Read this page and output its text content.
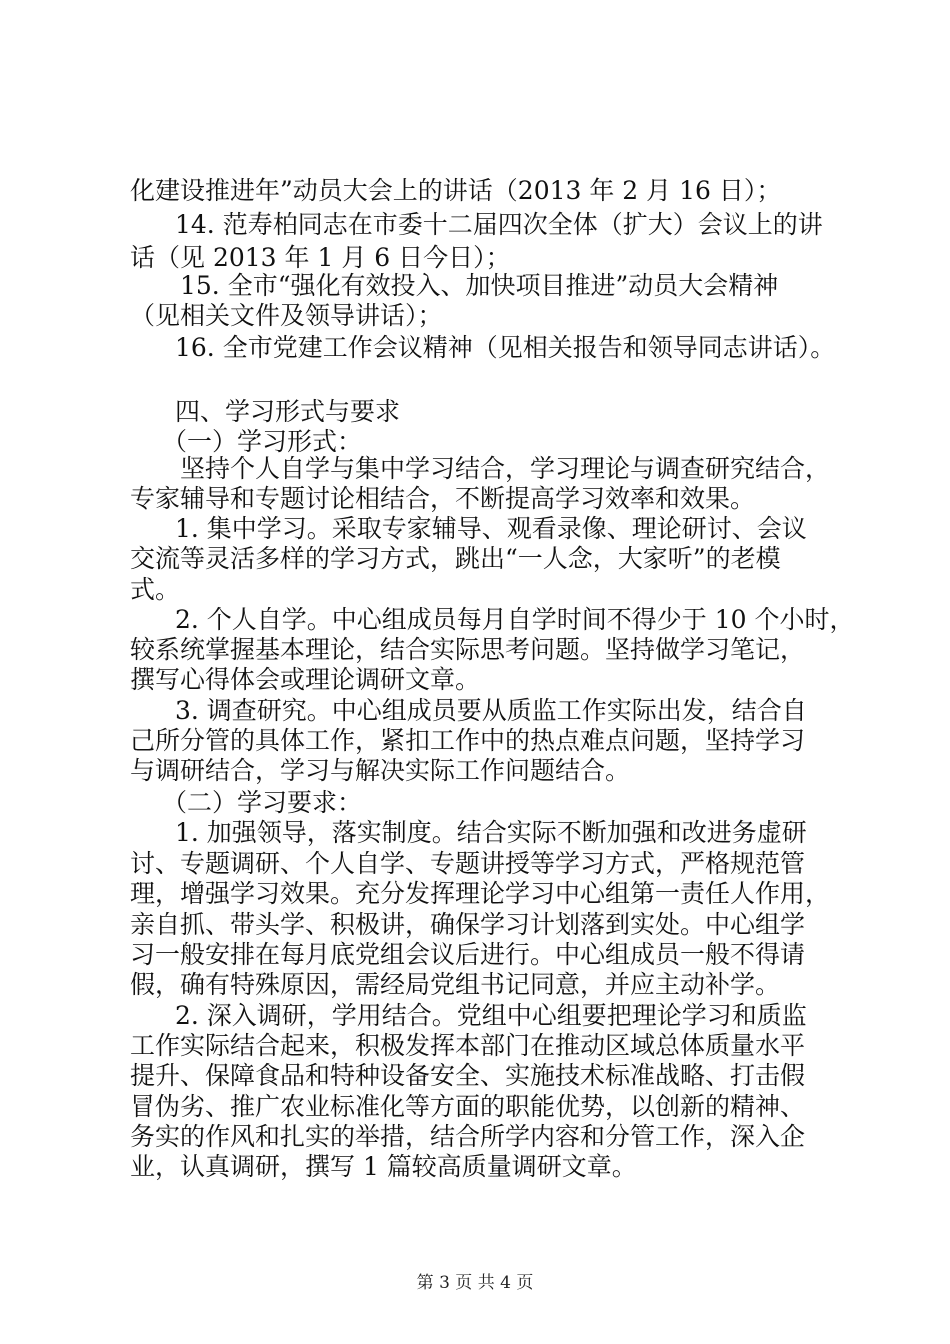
化建设推进年”动员大会上的讲话（2013 年 2 月 16 日）；
14. 范寿柏同志在市委十二届四次全体（扩大）会议上的讲
话（见 2013 年 1 月 6 日今日）；
15. 全市“强化有效投入、加快项目推进”动员大会精神
（见相关文件及领导讲话）；
16. 全市党建工作会议精神（见相关报告和领导同志讲话）。
四、学习形式与要求
（一）学习形式：
坚持个人自学与集中学习结合，学习理论与调查研究结合，
专家辅导和专题讨论相结合，不断提高学习效率和效果。
1. 集中学习。采取专家辅导、观看录像、理论研讨、会议
交流等灵活多样的学习方式，跳出“一人念，大家听”的老模
式。
2. 个人自学。中心组成员每月自学时间不得少于 10 个小时，
较系统掌握基本理论，结合实际思考问题。坚持做学习笔记，
撰写心得体会或理论调研文章。
3. 调查研究。中心组成员要从质监工作实际出发，结合自
己所分管的具体工作，紧扣工作中的热点难点问题，坚持学习
与调研结合，学习与解决实际工作问题结合。
（二）学习要求：
1. 加强领导，落实制度。结合实际不断加强和改进务虚研
讨、专题调研、个人自学、专题讲授等学习方式，严格规范管
理，增强学习效果。充分发挥理论学习中心组第一责任人作用，
亲自抓、带头学、积极讲，确保学习计划落到实处。中心组学
习一般安排在每月底党组会议后进行。中心组成员一般不得请
假，确有特殊原因，需经局党组书记同意，并应主动补学。
2. 深入调研，学用结合。党组中心组要把理论学习和质监
工作实际结合起来，积极发挥本部门在推动区域总体质量水平
提升、保障食品和特种设备安全、实施技术标准战略、打击假
冒伪劣、推广农业标准化等方面的职能优势，以创新的精神、
务实的作风和扎实的举措，结合所学内容和分管工作，深入企
业，认真调研，撰写 1 篇较高质量调研文章。
第 3 页 共 4 页
